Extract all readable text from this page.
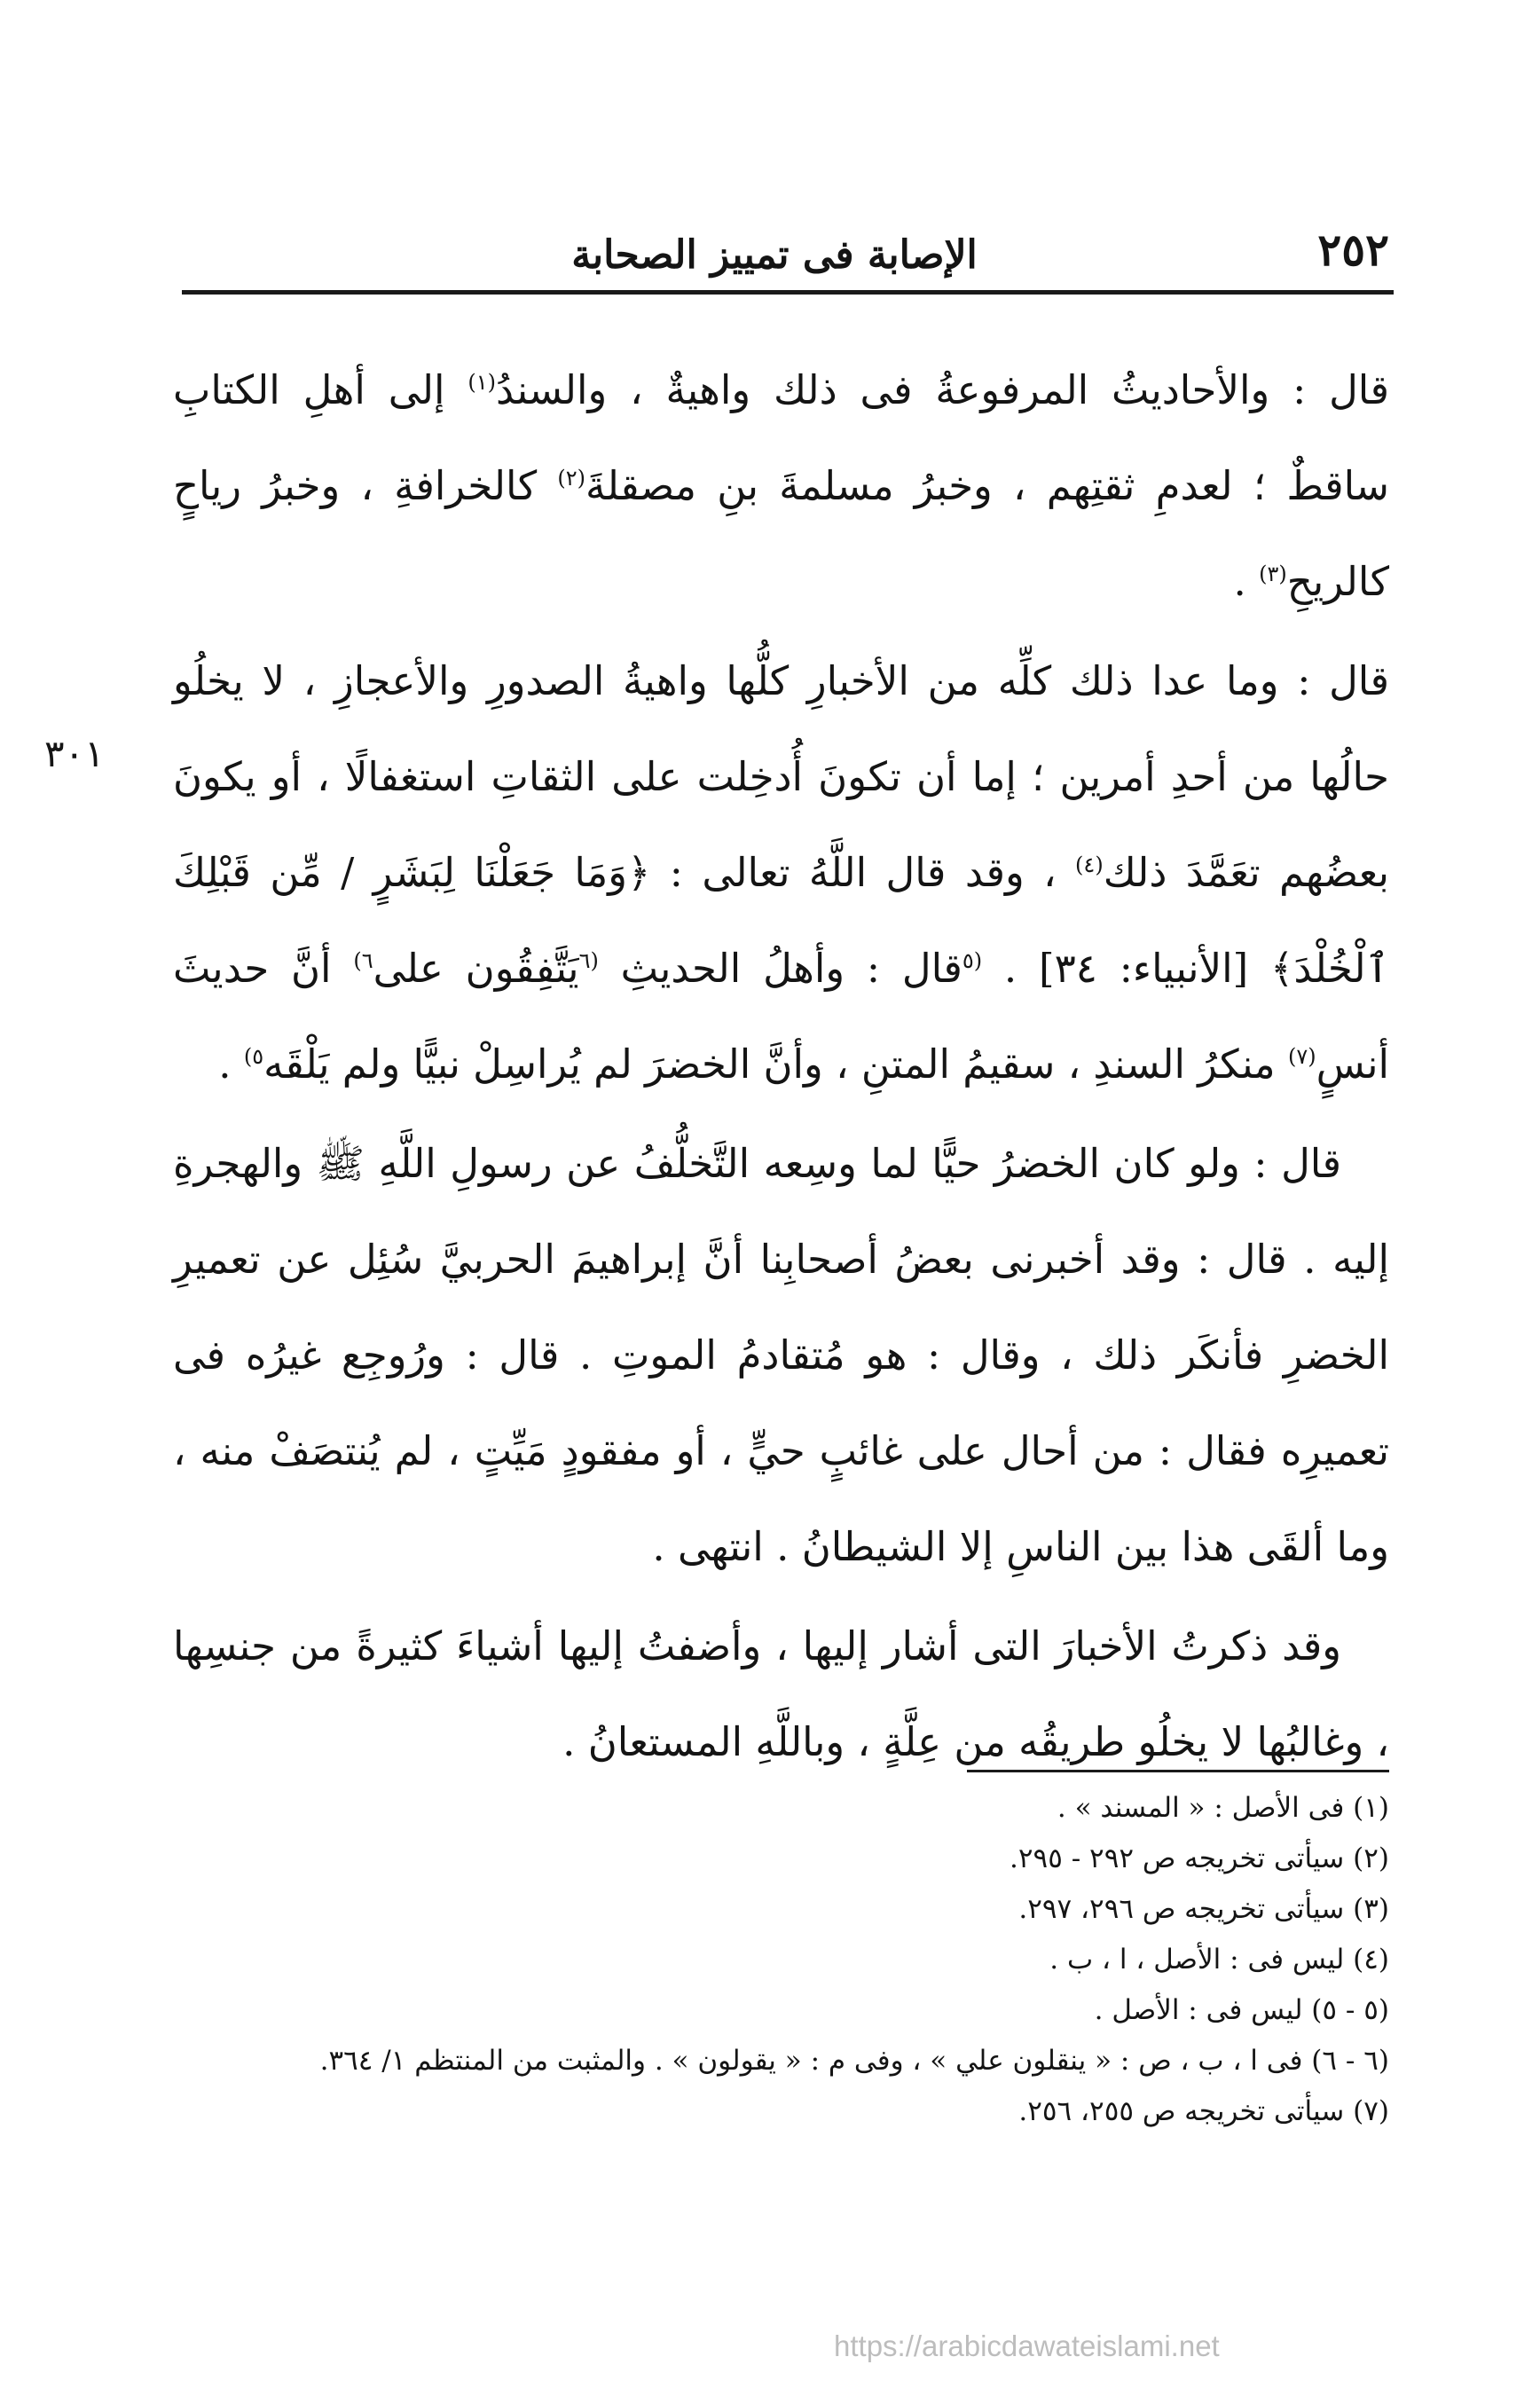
الإصابة فى تمييز الصحابة	٢٥٢
٣٠١

قال : والأحاديثُ المرفوعةُ فى ذلك واهيةٌ ، والسندُ$^{(١)}$ إلى أهلِ الكتابِ ساقطٌ ؛ لعدمِ ثقتِهم ، وخبرُ مسلمةَ بنِ مصقلةَ$^{(٢)}$ كالخرافةِ ، وخبرُ رياحٍ كالريحِ$^{(٣)}$ .

قال : وما عدا ذلك كلِّه من الأخبارِ كلُّها واهيةُ الصدورِ والأعجازِ ، لا يخلُو حالُها من أحدِ أمرين ؛ إما أن تكونَ أُدخِلت على الثقاتِ استغفالًا ، أو يكونَ بعضُهم تعَمَّدَ ذلك$^{(٤)}$ ، وقد قال اللَّهُ تعالى : ﴿وَمَا جَعَلْنَا لِبَشَرٍ / مِّن قَبْلِكَ ٱلْخُلْدَ﴾ [الأنبياء: ٣٤] . $^{(٥}$قال : وأهلُ الحديثِ $^{(٦}$يَتَّفِقُون على$^{٦)}$ أنَّ حديثَ أنسٍ$^{(٧)}$ منكرُ السندِ ، سقيمُ المتنِ ، وأنَّ الخضرَ لم يُراسِلْ نبيًّا ولم يَلْقَه$^{٥)}$ .

قال : ولو كان الخضرُ حيًّا لما وسِعه التَّخلُّفُ عن رسولِ اللَّهِ ﷺ والهجرةِ إليه . قال : وقد أخبرنى بعضُ أصحابِنا أنَّ إبراهيمَ الحربيَّ سُئِل عن تعميرِ الخضرِ فأنكَر ذلك ، وقال : هو مُتقادمُ الموتِ . قال : ورُوجِع غيرُه فى تعميرِه فقال : من أحال على غائبٍ حيٍّ ، أو مفقودٍ مَيِّتٍ ، لم يُنتصَفْ منه ، وما ألقَى هذا بين الناسِ إلا الشيطانُ . انتهى .

وقد ذكرتُ الأخبارَ التى أشار إليها ، وأضفتُ إليها أشياءَ كثيرةً من جنسِها ، وغالبُها لا يخلُو طريقُه من عِلَّةٍ ، وباللَّهِ المستعانُ .

(١) فى الأصل : « المسند » .

(٢) سيأتى تخريجه ص ٢٩٢ - ٢٩٥.

(٣) سيأتى تخريجه ص ٢٩٦، ٢٩٧.

(٤) ليس فى : الأصل ، ا ، ب .

(٥ - ٥) ليس فى : الأصل .

(٦ - ٦) فى ا ، ب ، ص : « ينقلون علي » ، وفى م : « يقولون » . والمثبت من المنتظم ١/ ٣٦٤.

(٧) سيأتى تخريجه ص ٢٥٥، ٢٥٦.

https://arabicdawateislami.net
